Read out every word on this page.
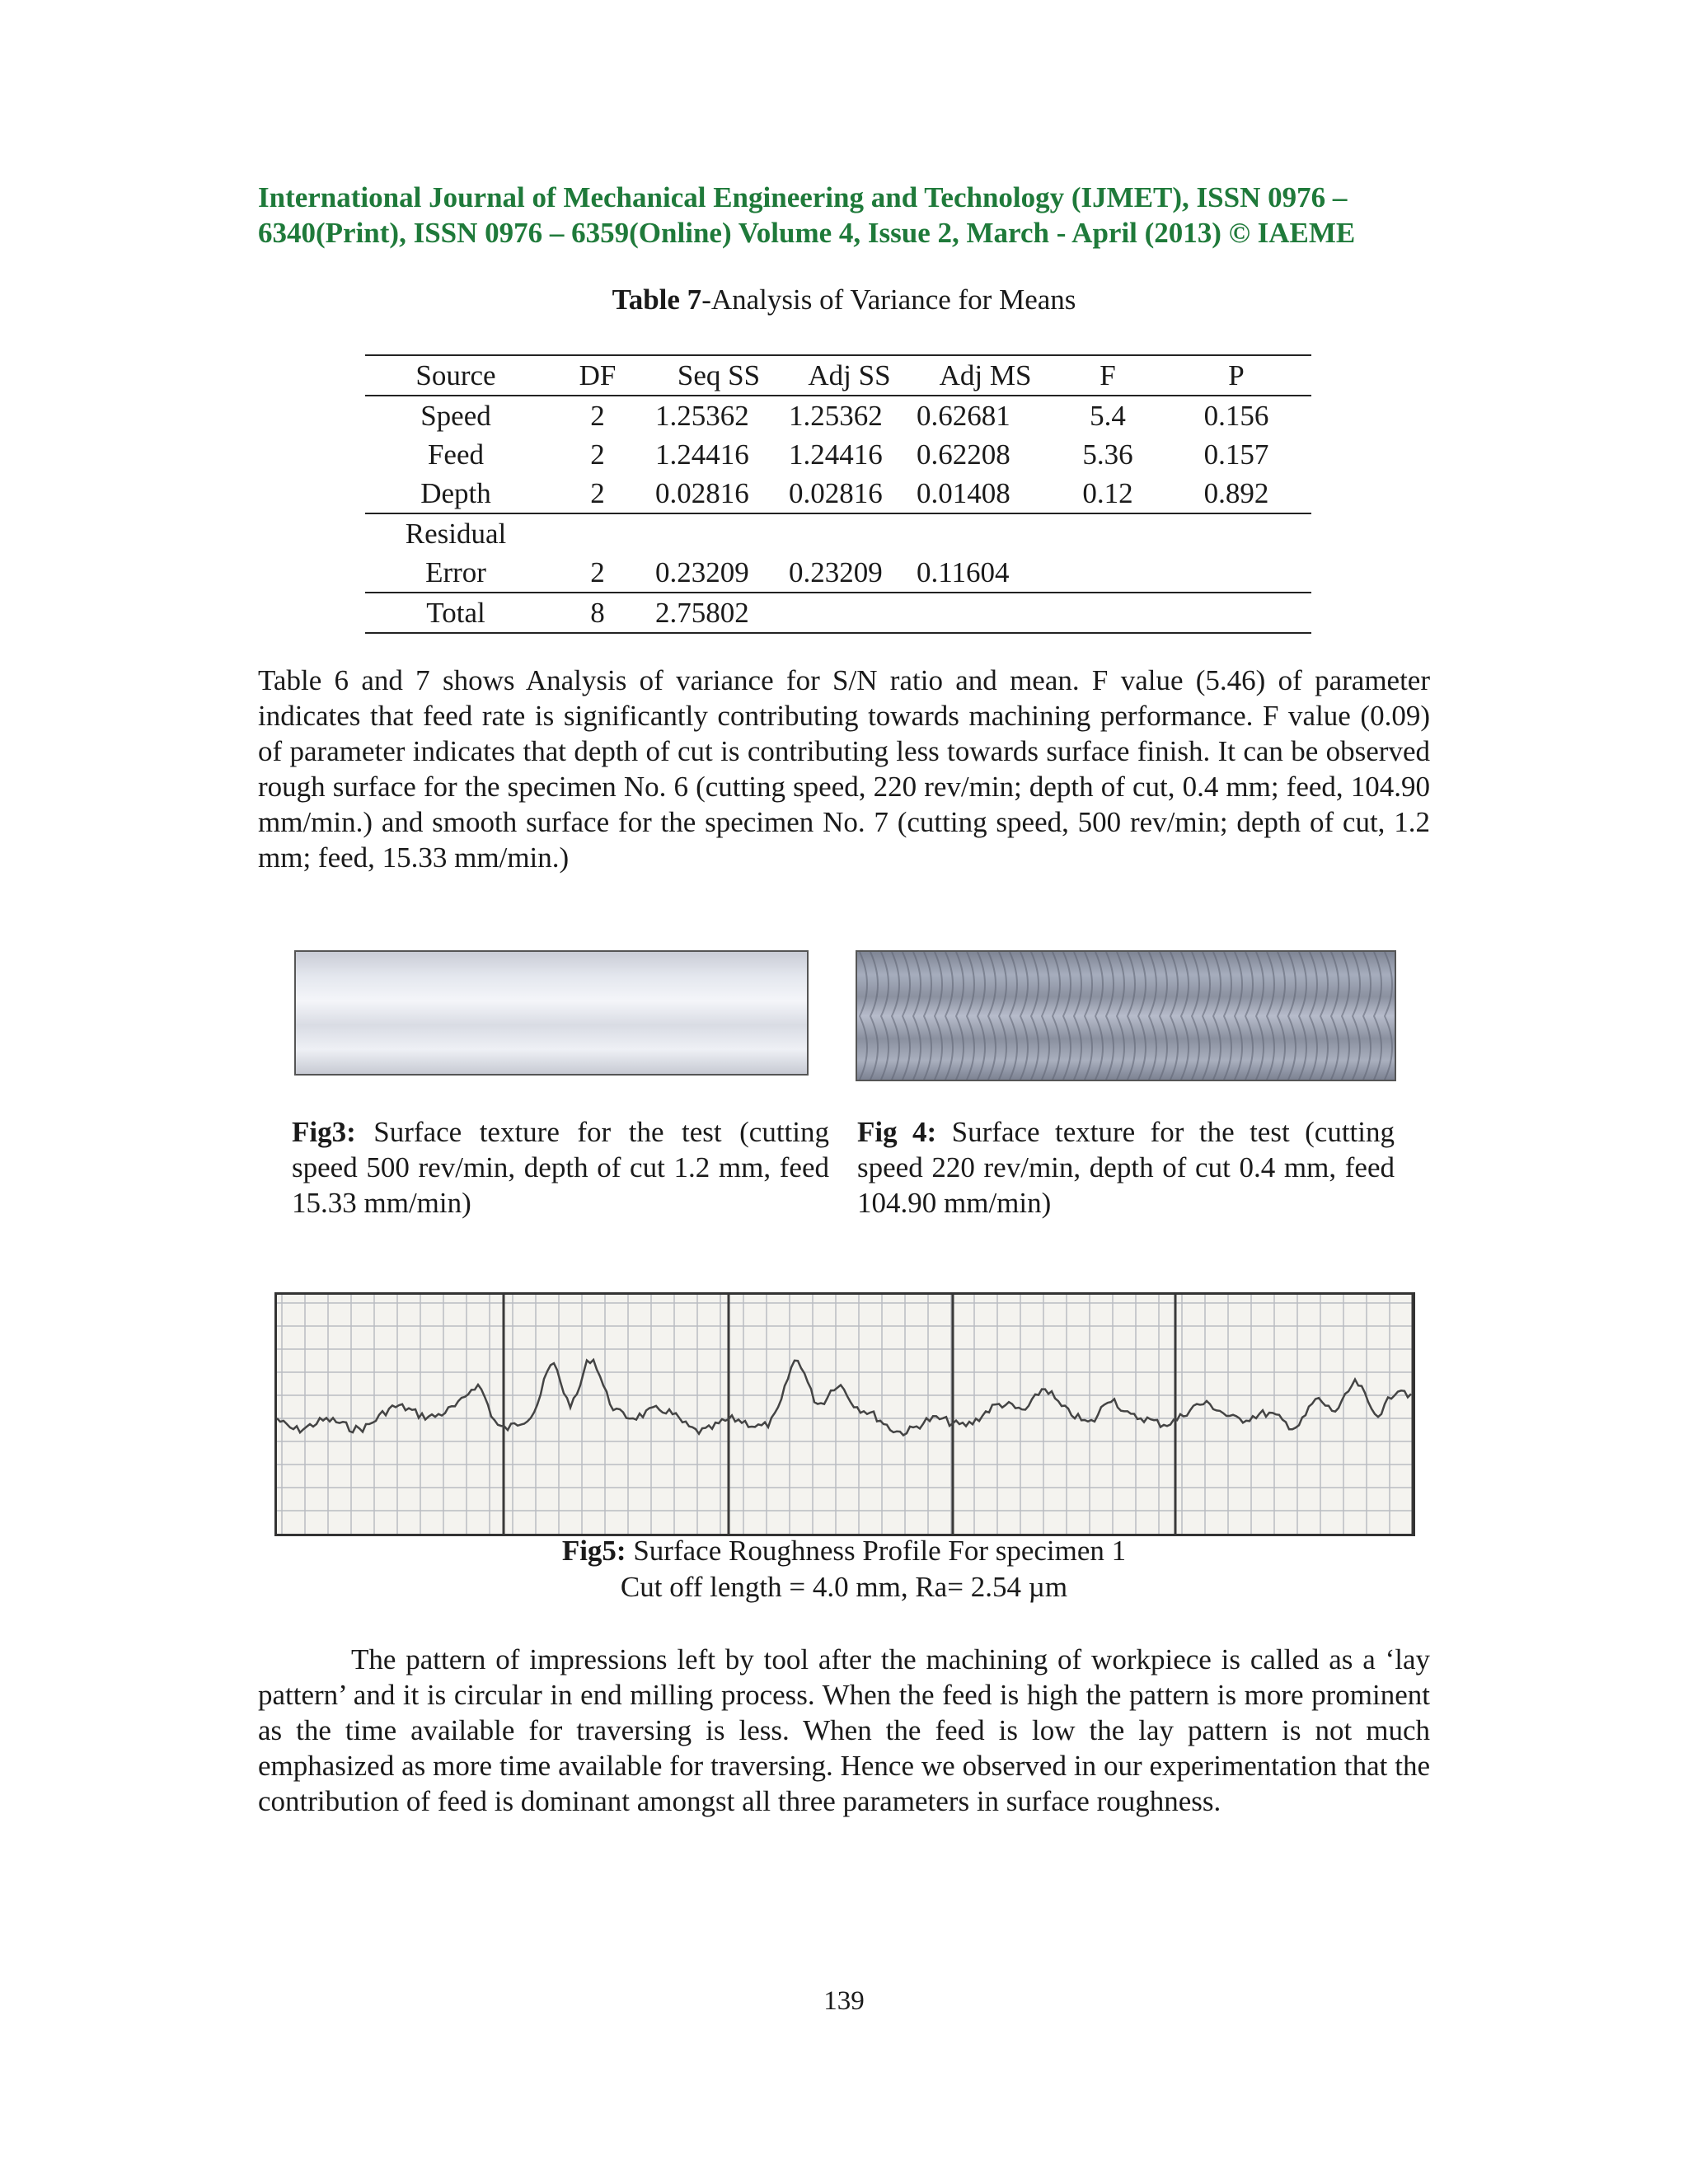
International Journal of Mechanical Engineering and Technology (IJMET), ISSN 0976 –
6340(Print), ISSN 0976 – 6359(Online) Volume 4, Issue 2, March - April (2013) © IAEME
Table 7-Analysis of Variance for Means
Source	DF	Seq SS	Adj SS	Adj MS	F	P
Speed	2	1.25362	1.25362	0.62681	5.4	0.156
Feed	2	1.24416	1.24416	0.62208	5.36	0.157
Depth	2	0.02816	0.02816	0.01408	0.12	0.892
Residual						
Error	2	0.23209	0.23209	0.11604		
Total	8	2.75802				
Table 6 and 7 shows Analysis of variance for S/N ratio and mean. F value (5.46) of parameter indicates that feed rate is significantly contributing towards machining performance. F value (0.09) of parameter indicates that depth of cut is contributing less towards surface finish. It can be observed rough surface for the specimen No. 6 (cutting speed, 220 rev/min; depth of cut, 0.4 mm; feed, 104.90 mm/min.) and smooth surface for the specimen No. 7 (cutting speed, 500 rev/min; depth of cut, 1.2 mm; feed, 15.33 mm/min.)
Fig3: Surface texture for the test (cutting speed 500 rev/min, depth of cut 1.2 mm, feed 15.33 mm/min)
Fig 4: Surface texture for the test (cutting speed 220 rev/min, depth of cut 0.4 mm, feed 104.90 mm/min)
Fig5: Surface Roughness Profile For specimen 1
Cut off length = 4.0 mm, Ra= 2.54 µm
The pattern of impressions left by tool after the machining of workpiece is called as a ‘lay pattern’ and it is circular in end milling process. When the feed is high the pattern is more prominent as the time available for traversing is less. When the feed is low the lay pattern is not much emphasized as more time available for traversing. Hence we observed in our experimentation that the contribution of feed is dominant amongst all three parameters in surface roughness.
139
